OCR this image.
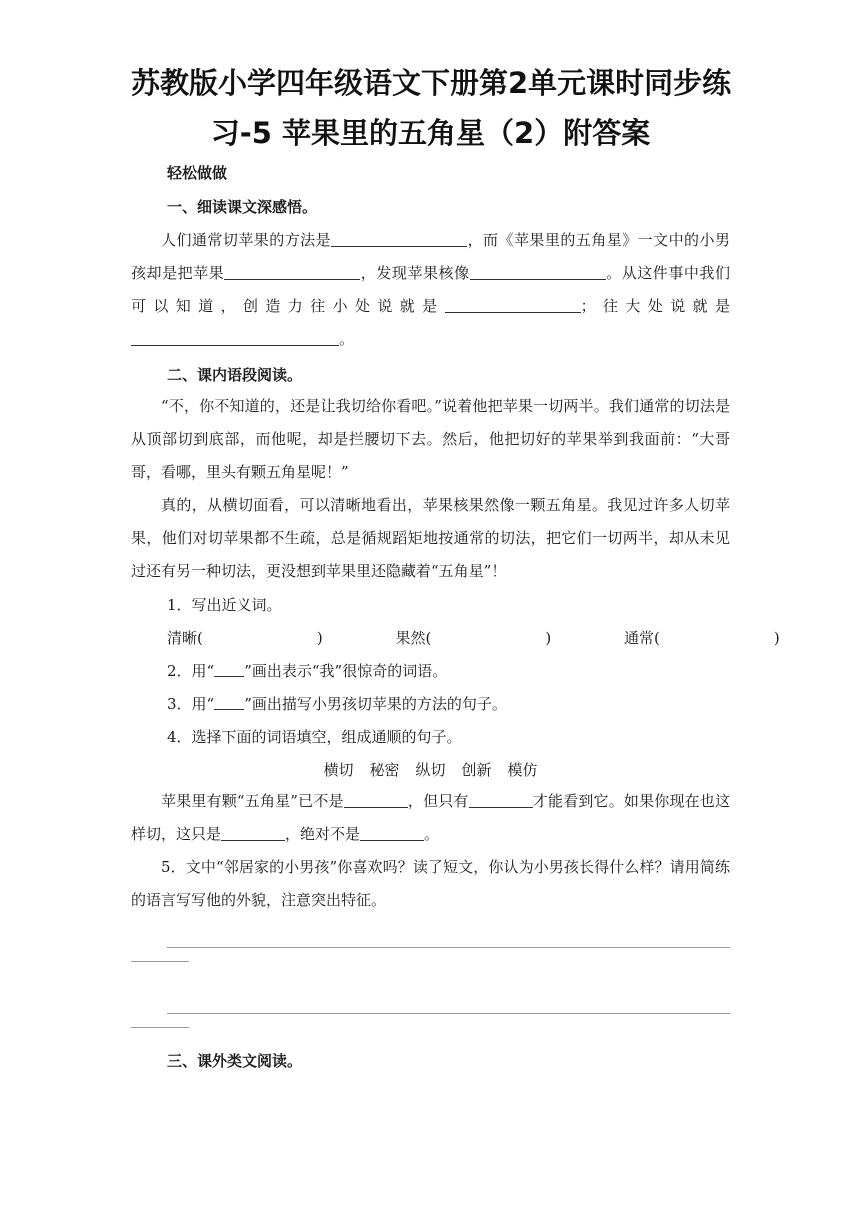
苏教版小学四年级语文下册第2单元课时同步练
习-5 苹果里的五角星（2）附答案

轻松做做

一、细读课文深感悟。

人们通常切苹果的方法是	，而《苹果里的五角星》一文中的小男孩却是把苹果	，发现苹果核像	。从这件事中我们可以知道，创造力往小处说就是	；往大处说就是。

二、课内语段阅读。

“不，你不知道的，还是让我切给你看吧。”说着他把苹果一切两半。我们通常的切法是从顶部切到底部，而他呢，却是拦腰切下去。然后，他把切好的苹果举到我面前：“大哥哥，看哪，里头有颗五角星呢！”

真的，从横切面看，可以清晰地看出，苹果核果然像一颗五角星。我见过许多人切苹果，他们对切苹果都不生疏，总是循规蹈矩地按通常的切法，把它们一切两半，却从未见过还有另一种切法，更没想到苹果里还隐藏着“五角星”！

1．写出近义词。

清晰(	)	果然(	)	通常(	)

2．用“ ”画出表示“我”很惊奇的词语。

3．用“ ”画出描写小男孩切苹果的方法的句子。

4．选择下面的词语填空，组成通顺的句子。

横切 秘密 纵切 创新 模仿

苹果里有颗“五角星”已不是	，但只有	才能看到它。如果你现在也这样切，这只是	，绝对不是	。

5．文中“邻居家的小男孩”你喜欢吗？读了短文，你认为小男孩长得什么样？请用简练的语言写写他的外貌，注意突出特征。

三、课外类文阅读。
